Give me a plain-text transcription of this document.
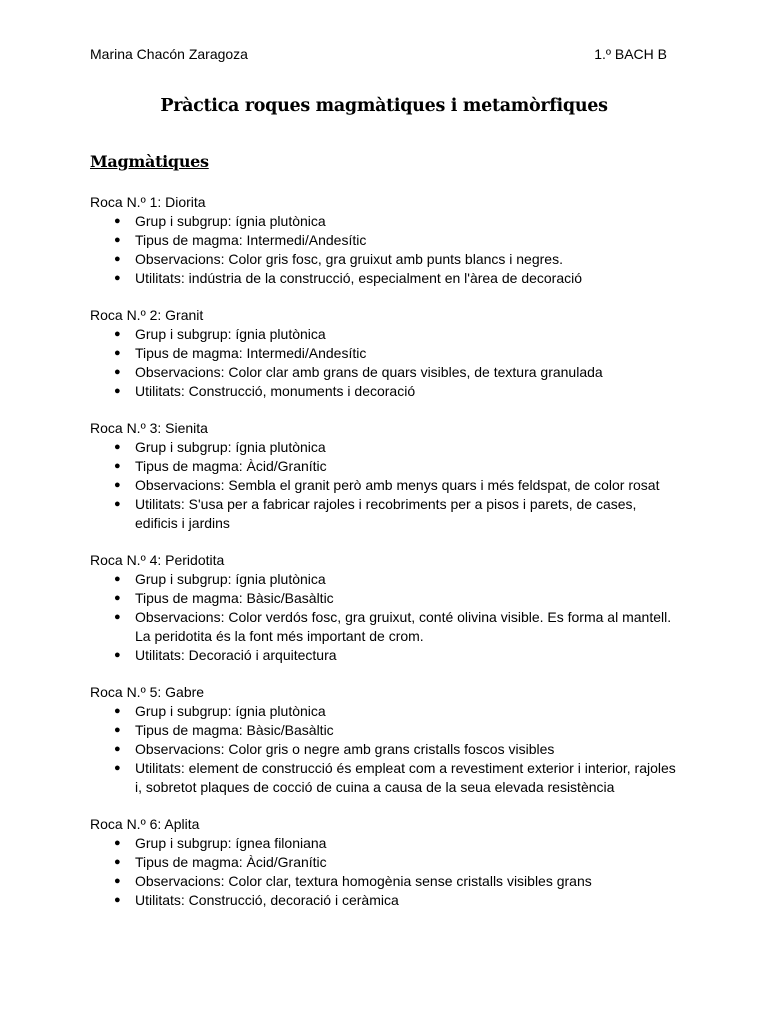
Marina Chacón Zaragoza	1.º BACH B
Pràctica roques magmàtiques i metamòrfiques
Magmàtiques
Roca N.º 1: Diorita
● Grup i subgrup: ígnia plutònica
● Tipus de magma: Intermedi/Andesític
● Observacions: Color gris fosc, gra gruixut amb punts blancs i negres.
● Utilitats: indústria de la construcció, especialment en l'àrea de decoració
Roca N.º 2: Granit
● Grup i subgrup: ígnia plutònica
● Tipus de magma: Intermedi/Andesític
● Observacions: Color clar amb grans de quars visibles, de textura granulada
● Utilitats: Construcció, monuments i decoració
Roca N.º 3: Sienita
● Grup i subgrup: ígnia plutònica
● Tipus de magma: Àcid/Granític
● Observacions: Sembla el granit però amb menys quars i més feldspat, de color rosat
● Utilitats: S'usa per a fabricar rajoles i recobriments per a pisos i parets, de cases, edificis i jardins
Roca N.º 4: Peridotita
● Grup i subgrup: ígnia plutònica
● Tipus de magma: Bàsic/Basàltic
● Observacions: Color verdós fosc, gra gruixut, conté olivina visible. Es forma al mantell. La peridotita és la font més important de crom.
● Utilitats: Decoració i arquitectura
Roca N.º 5: Gabre
● Grup i subgrup: ígnia plutònica
● Tipus de magma: Bàsic/Basàltic
● Observacions: Color gris o negre amb grans cristalls foscos visibles
● Utilitats: element de construcció és empleat com a revestiment exterior i interior, rajoles i, sobretot plaques de cocció de cuina a causa de la seua elevada resistència
Roca N.º 6: Aplita
● Grup i subgrup: ígnea filoniana
● Tipus de magma: Àcid/Granític
● Observacions: Color clar, textura homogènia sense cristalls visibles grans
● Utilitats: Construcció, decoració i ceràmica
